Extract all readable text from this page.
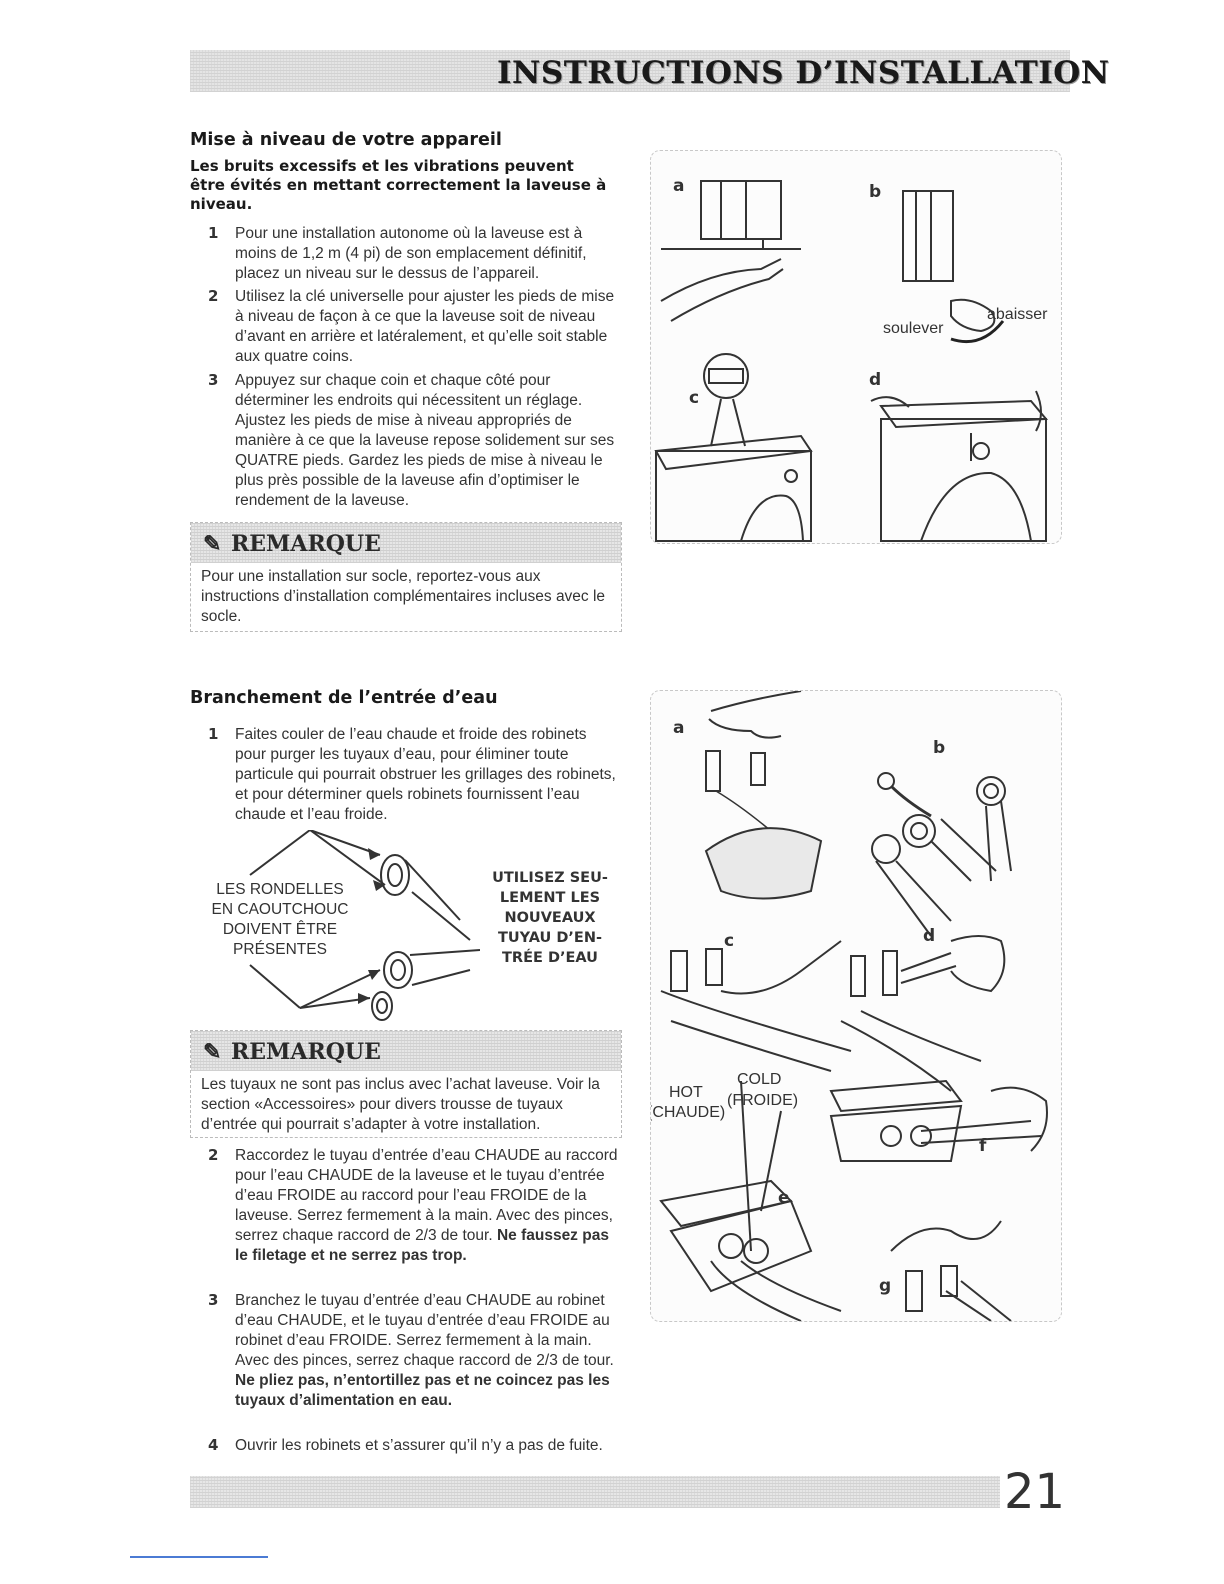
INSTRUCTIONS D’INSTALLATION
Mise à niveau de votre appareil

Les bruits excessifs et les vibrations peuvent être évités en mettant correctement la laveuse à niveau.

1	Pour une installation autonome où la laveuse est à moins de 1,2 m (4 pi) de son emplacement définitif, placez un niveau sur le dessus de l’appareil.
2	Utilisez la clé universelle pour ajuster les pieds de mise à niveau de façon à ce que la laveuse soit de niveau d’avant en arrière et latéralement, et qu’elle soit stable aux quatre coins.
3	Appuyez sur chaque coin et chaque côté pour déterminer les endroits qui nécessitent un réglage. Ajustez les pieds de mise à niveau appropriés de manière à ce que la laveuse repose solidement sur ses QUATRE pieds. Gardez les pieds de mise à niveau le plus près possible de la laveuse afin d’optimiser le rendement de la laveuse.
✎ REMARQUE
Pour une installation sur socle, reportez-vous aux instructions d’installation complémentaires incluses avec le socle.
a	b
c
d
soulever
abaisser
Branchement de l’entrée d’eau
1	Faites couler de l’eau chaude et froide des robinets pour purger les tuyaux d’eau, pour éliminer toute particule qui pourrait obstruer les grillages des robinets, et pour déterminer quels robinets fournissent l’eau chaude et l’eau froide.
LES RONDELLES
EN CAOUTCHOUC
DOIVENT ÊTRE
PRÉSENTES
UTILISEZ SEU-
LEMENT LES
NOUVEAUX
TUYAU D’EN-
TRÉE D’EAU
✎ REMARQUE
Les tuyaux ne sont pas inclus avec l’achat laveuse. Voir la section «Accessoires» pour divers trousse de tuyaux d’entrée qui pourrait s’adapter à votre installation.
2	Raccordez le tuyau d’entrée d’eau CHAUDE au raccord pour l’eau CHAUDE de la laveuse et le tuyau d’entrée d’eau FROIDE au raccord pour l’eau FROIDE de la laveuse. Serrez fermement à la main. Avec des pinces, serrez chaque raccord de 2/3 de tour. Ne faussez pas le filetage et ne serrez pas trop.
3	Branchez le tuyau d’entrée d’eau CHAUDE au robinet d’eau CHAUDE, et le tuyau d’entrée d’eau FROIDE au robinet d’eau FROIDE. Serrez fermement à la main. Avec des pinces, serrez chaque raccord de 2/3 de tour. Ne pliez pas, n’entortillez pas et ne coincez pas les tuyaux d’alimentation en eau.
4	Ouvrir les robinets et s’assurer qu’il n’y a pas de fuite.
a
b
c	d
e
f
g
HOT
(CHAUDE)
COLD
(FROIDE)
21
